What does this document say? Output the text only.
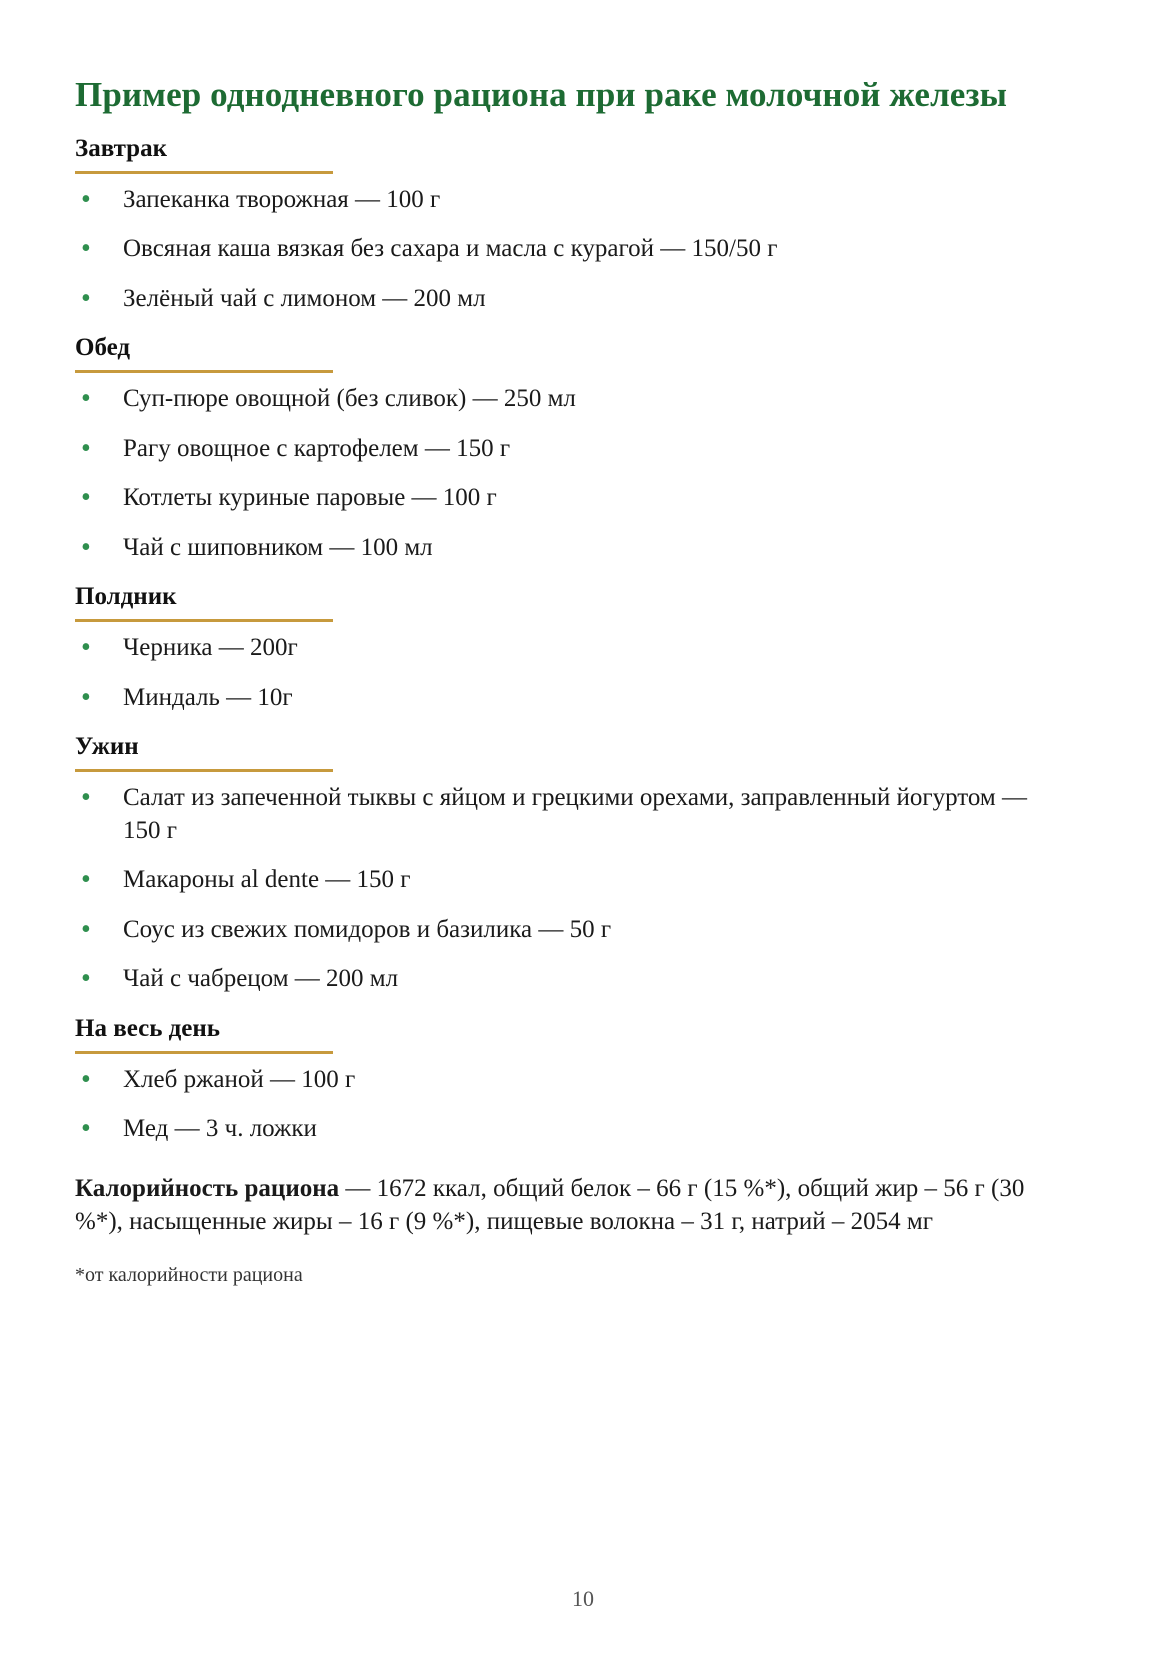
Пример однодневного рациона при раке молочной железы
Завтрак
• Запеканка творожная — 100 г
• Овсяная каша вязкая без сахара и масла с курагой — 150/50 г
• Зелёный чай с лимоном — 200 мл
Обед
• Суп-пюре овощной (без сливок) — 250 мл
• Рагу овощное с картофелем — 150 г
• Котлеты куриные паровые — 100 г
• Чай с шиповником — 100 мл
Полдник
• Черника — 200г
• Миндаль — 10г
Ужин
• Салат из запеченной тыквы с яйцом и грецкими орехами, заправленный йогуртом — 150 г
• Макароны al dente — 150 г
• Соус из свежих помидоров и базилика — 50 г
• Чай с чабрецом — 200 мл
На весь день
• Хлеб ржаной — 100 г
• Мед — 3 ч. ложки

Калорийность рациона — 1672 ккал, общий белок – 66 г (15 %*), общий жир – 56 г (30 %*), насыщенные жиры – 16 г (9 %*), пищевые волокна – 31 г, натрий – 2054 мг

*от калорийности рациона

10
